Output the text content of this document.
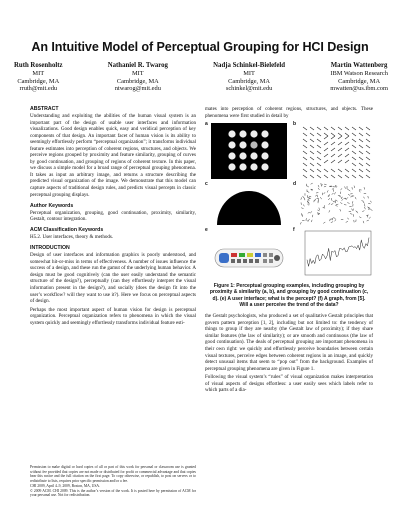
An Intuitive Model of Perceptual Grouping for HCI Design
Ruth Rosenholtz
MIT
Cambridge, MA
rruth@mit.edu
Nathaniel R. Twarog
MIT
Cambridge, MA
ntwarog@mit.edu
Nadja Schinkel-Bielefeld
MIT
Cambridge, MA
schinkel@mit.edu
Martin Wattenberg
IBM Watson Research
Cambridge, MA
mwatten@us.ibm.com
ABSTRACT
Understanding and exploiting the abilities of the human visual system is an important part of the design of usable user interfaces and information visualizations. Good design enables quick, easy and veridical perception of key components of that design. An important facet of human vision is its ability to seemingly effortlessly perform “perceptual organization”; it transforms individual feature estimates into perception of coherent regions, structures, and objects. We perceive regions grouped by proximity and feature similarity, grouping of curves by good continuation, and grouping of regions of coherent texture. In this paper, we discuss a simple model for a broad range of perceptual grouping phenomena. It takes as input an arbitrary image, and returns a structure describing the predicted visual organization of the image. We demonstrate that this model can capture aspects of traditional design rules, and predicts visual percepts in classic perceptual grouping displays.
Author Keywords
Perceptual organization, grouping, good continuation, proximity, similarity, Gestalt, contour integration.
ACM Classification Keywords
H5.2. User interfaces, theory & methods.
INTRODUCTION
Design of user interfaces and information graphics is poorly understood, and somewhat hit-or-miss in terms of effectiveness. A number of issues influence the success of a design, and these run the gamut of the underlying human behavior. A design must be good cognitively (can the user easily understand the semantic structure of the design?), perceptually (can they effortlessly interpret the visual information present in the design?), and socially (does the design fit into the user’s workflow? will they want to use it?). Here we focus on perceptual aspects of design.
Perhaps the most important aspect of human vision for design is perceptual organization. Perceptual organization refers to phenomena in which the visual system quickly and seemingly effortlessly transforms individual feature esti-
Permission to make digital or hard copies of all or part of this work for personal or classroom use is granted without fee provided that copies are not made or distributed for profit or commercial advantage and that copies bear this notice and the full citation on the first page. To copy otherwise, or republish, to post on servers or to redistribute to lists, requires prior specific permission and/or a fee.
CHI 2009, April 4–9, 2009, Boston, MA, USA.
© 2009 ACM. CHI 2009. This is the author’s version of the work. It is posted here by permission of ACM for your personal use. Not for redistribution.
mates into perception of coherent regions, structures, and objects. These phenomena were first studied in detail by
a	b
c	d
e	f
Figure 1: Perceptual grouping examples, including grouping by proximity & similarity (a, b), and grouping by good continuation (c, d). (e) A user interface; what is the percept? (f) A graph, from [5]. Will a user perceive the trend of the data?
the Gestalt psychologists, who produced a set of qualitative Gestalt principles that govern pattern perception [1, 2], including but not limited to: the tendency of things to group if they are nearby (the Gestalt law of proximity); if they share similar features (the law of similarity); or are smooth and continuous (the law of good continuation). The deals of perceptual grouping are important phenomena in their own right: we quickly and effortlessly perceive boundaries between certain visual textures, perceive edges between coherent regions in an image, and quickly detect unusual items that seem to “pop out” from the background. Examples of perceptual grouping phenomena are given in Figure 1.
Following the visual system’s “rules” of visual organization makes interpretation of visual aspects of designs effortless: a user easily sees which labels refer to which parts of a dia-
